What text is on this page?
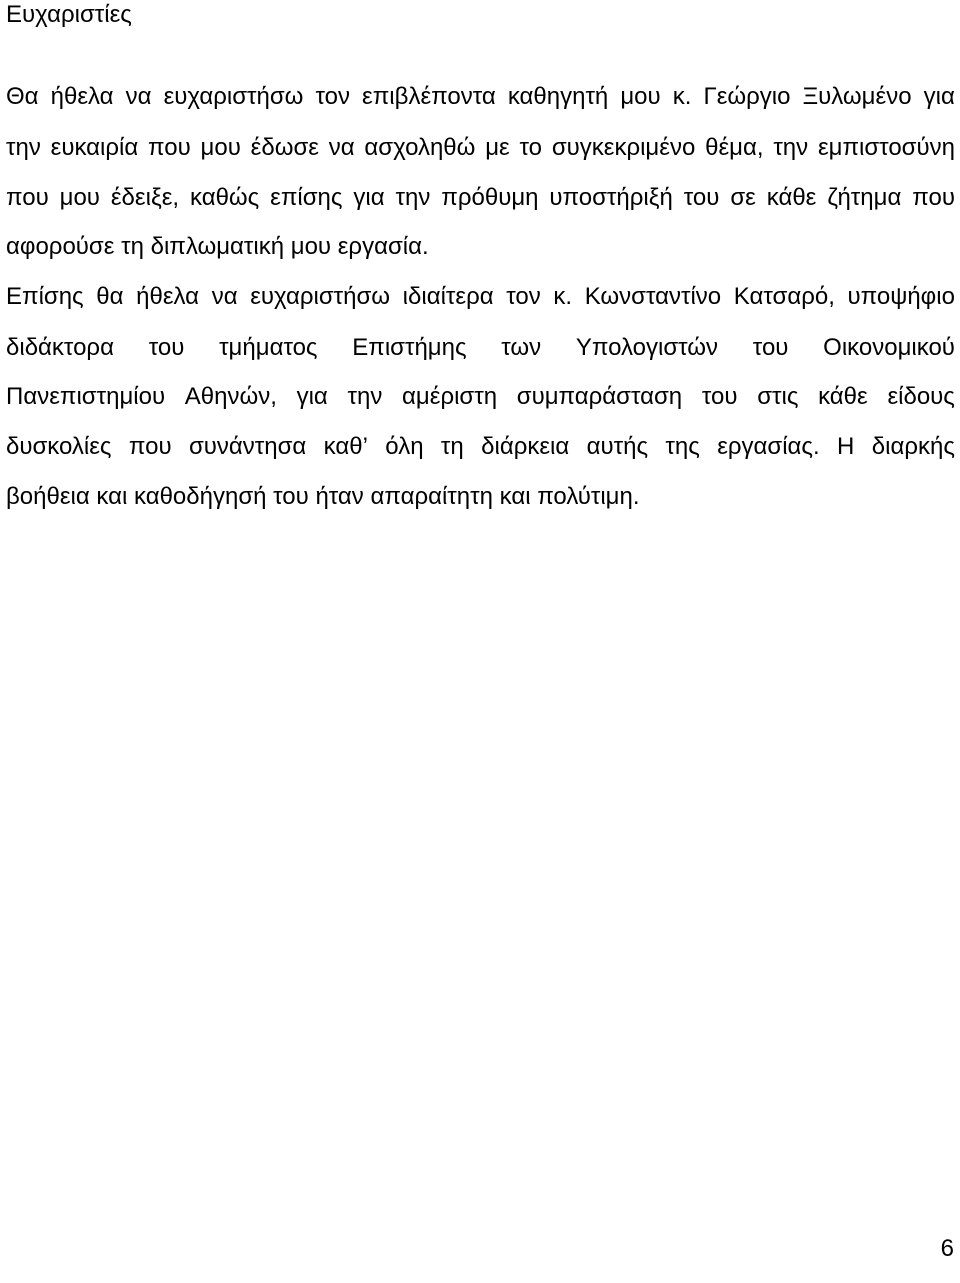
Ευχαριστίες

Θα ήθελα να ευχαριστήσω τον επιβλέποντα καθηγητή μου κ. Γεώργιο Ξυλωμένο για

την ευκαιρία που μου έδωσε να ασχοληθώ με το συγκεκριμένο θέμα, την εμπιστοσύνη

που μου έδειξε, καθώς επίσης για την πρόθυμη υποστήριξή του σε κάθε ζήτημα που

αφορούσε τη διπλωματική μου εργασία.

Επίσης θα ήθελα να ευχαριστήσω ιδιαίτερα τον κ. Κωνσταντίνο Κατσαρό, υποψήφιο

διδάκτορα του τμήματος Επιστήμης των Υπολογιστών του Οικονομικού

Πανεπιστημίου Αθηνών, για την αμέριστη συμπαράσταση του στις κάθε είδους

δυσκολίες που συνάντησα καθ’ όλη τη διάρκεια αυτής της εργασίας. Η διαρκής

βοήθεια και καθοδήγησή του ήταν απαραίτητη και πολύτιμη.

6
